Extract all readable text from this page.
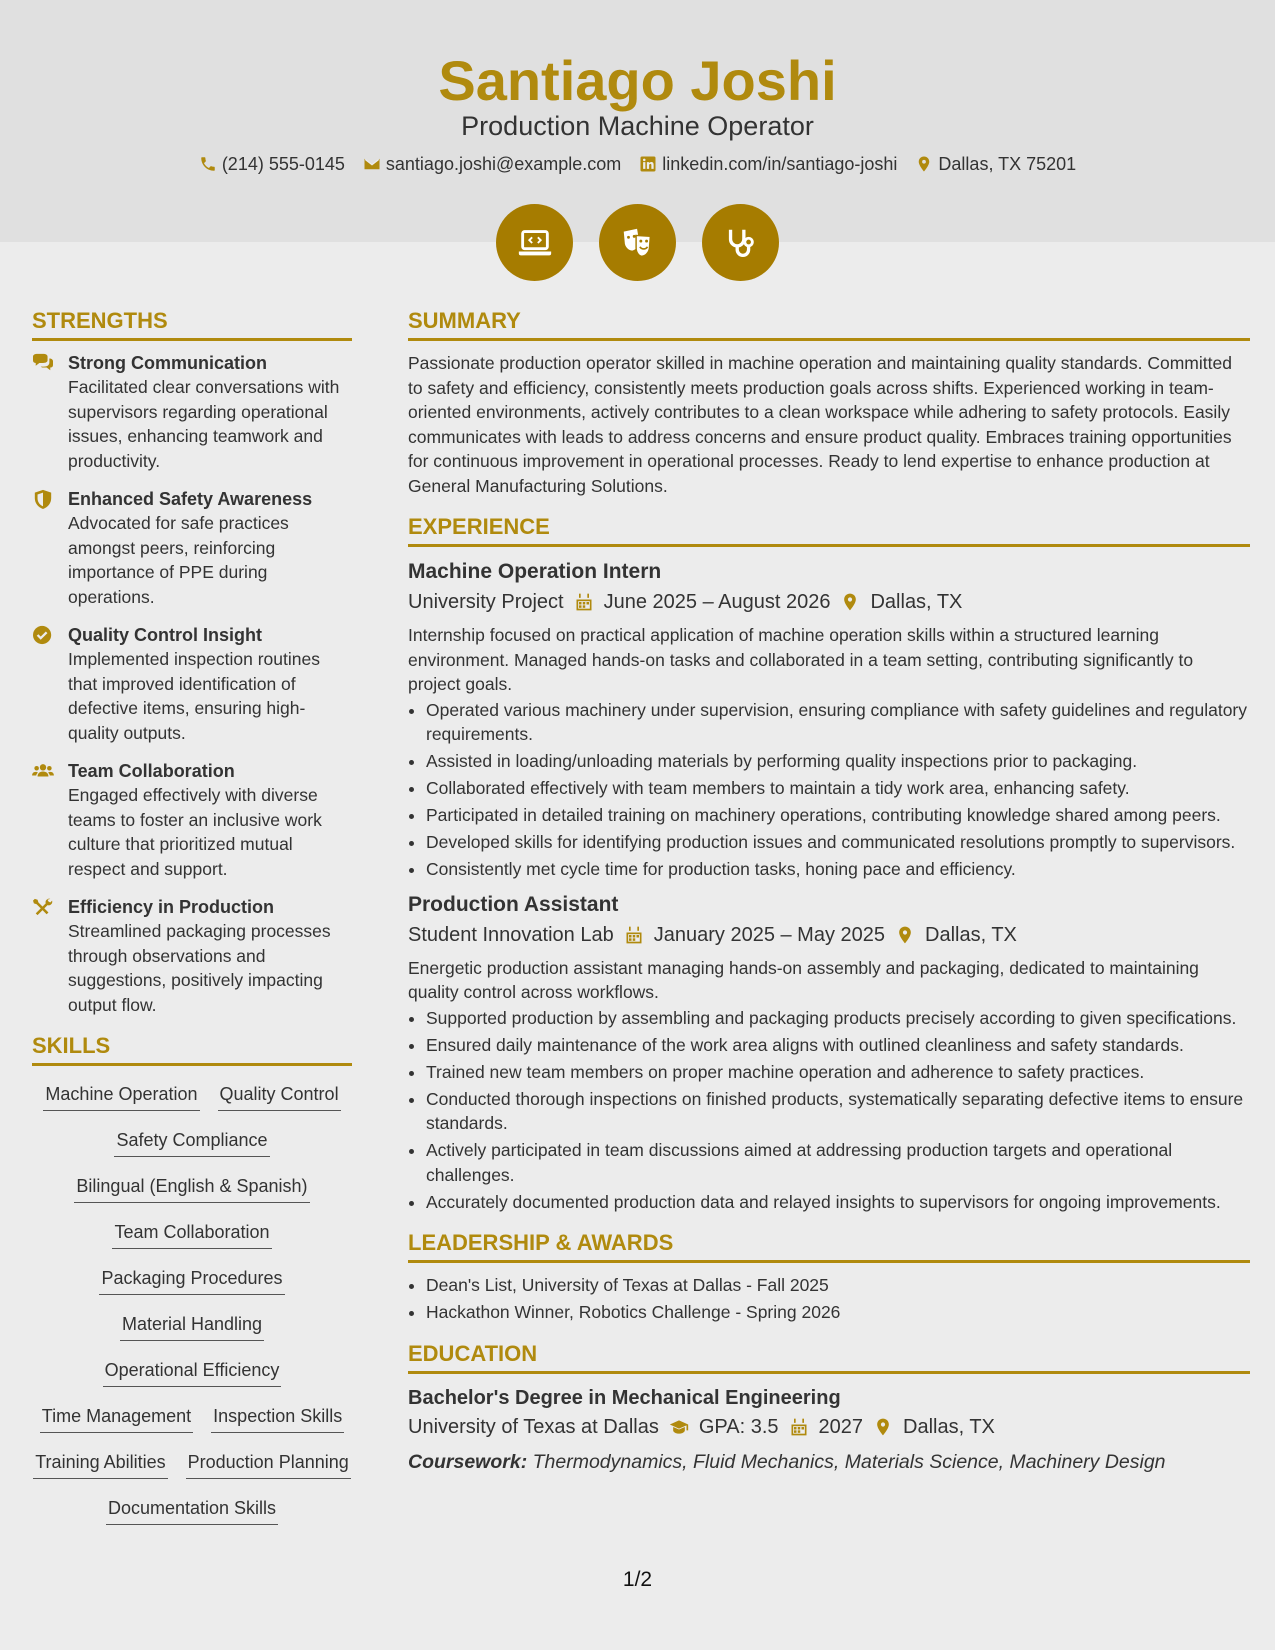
Santiago Joshi
Production Machine Operator
(214) 555-0145 santiago.joshi@example.com linkedin.com/in/santiago-joshi Dallas, TX 75201
STRENGTHS
Strong Communication
Facilitated clear conversations with supervisors regarding operational issues, enhancing teamwork and productivity.
Enhanced Safety Awareness
Advocated for safe practices amongst peers, reinforcing importance of PPE during operations.
Quality Control Insight
Implemented inspection routines that improved identification of defective items, ensuring high-quality outputs.
Team Collaboration
Engaged effectively with diverse teams to foster an inclusive work culture that prioritized mutual respect and support.
Efficiency in Production
Streamlined packaging processes through observations and suggestions, positively impacting output flow.
SKILLS
Machine Operation Quality Control
Safety Compliance
Bilingual (English & Spanish)
Team Collaboration
Packaging Procedures
Material Handling
Operational Efficiency
Time Management Inspection Skills
Training Abilities Production Planning
Documentation Skills
SUMMARY
Passionate production operator skilled in machine operation and maintaining quality standards. Committed to safety and efficiency, consistently meets production goals across shifts. Experienced working in team-oriented environments, actively contributes to a clean workspace while adhering to safety protocols. Easily communicates with leads to address concerns and ensure product quality. Embraces training opportunities for continuous improvement in operational processes. Ready to lend expertise to enhance production at General Manufacturing Solutions.
EXPERIENCE
Machine Operation Intern
University Project June 2025 – August 2026 Dallas, TX
Internship focused on practical application of machine operation skills within a structured learning environment. Managed hands-on tasks and collaborated in a team setting, contributing significantly to project goals.
• Operated various machinery under supervision, ensuring compliance with safety guidelines and regulatory requirements.
• Assisted in loading/unloading materials by performing quality inspections prior to packaging.
• Collaborated effectively with team members to maintain a tidy work area, enhancing safety.
• Participated in detailed training on machinery operations, contributing knowledge shared among peers.
• Developed skills for identifying production issues and communicated resolutions promptly to supervisors.
• Consistently met cycle time for production tasks, honing pace and efficiency.
Production Assistant
Student Innovation Lab January 2025 – May 2025 Dallas, TX
Energetic production assistant managing hands-on assembly and packaging, dedicated to maintaining quality control across workflows.
• Supported production by assembling and packaging products precisely according to given specifications.
• Ensured daily maintenance of the work area aligns with outlined cleanliness and safety standards.
• Trained new team members on proper machine operation and adherence to safety practices.
• Conducted thorough inspections on finished products, systematically separating defective items to ensure standards.
• Actively participated in team discussions aimed at addressing production targets and operational challenges.
• Accurately documented production data and relayed insights to supervisors for ongoing improvements.
LEADERSHIP & AWARDS
• Dean's List, University of Texas at Dallas - Fall 2025
• Hackathon Winner, Robotics Challenge - Spring 2026
EDUCATION
Bachelor's Degree in Mechanical Engineering
University of Texas at Dallas GPA: 3.5 2027 Dallas, TX
Coursework: Thermodynamics, Fluid Mechanics, Materials Science, Machinery Design
1/2
